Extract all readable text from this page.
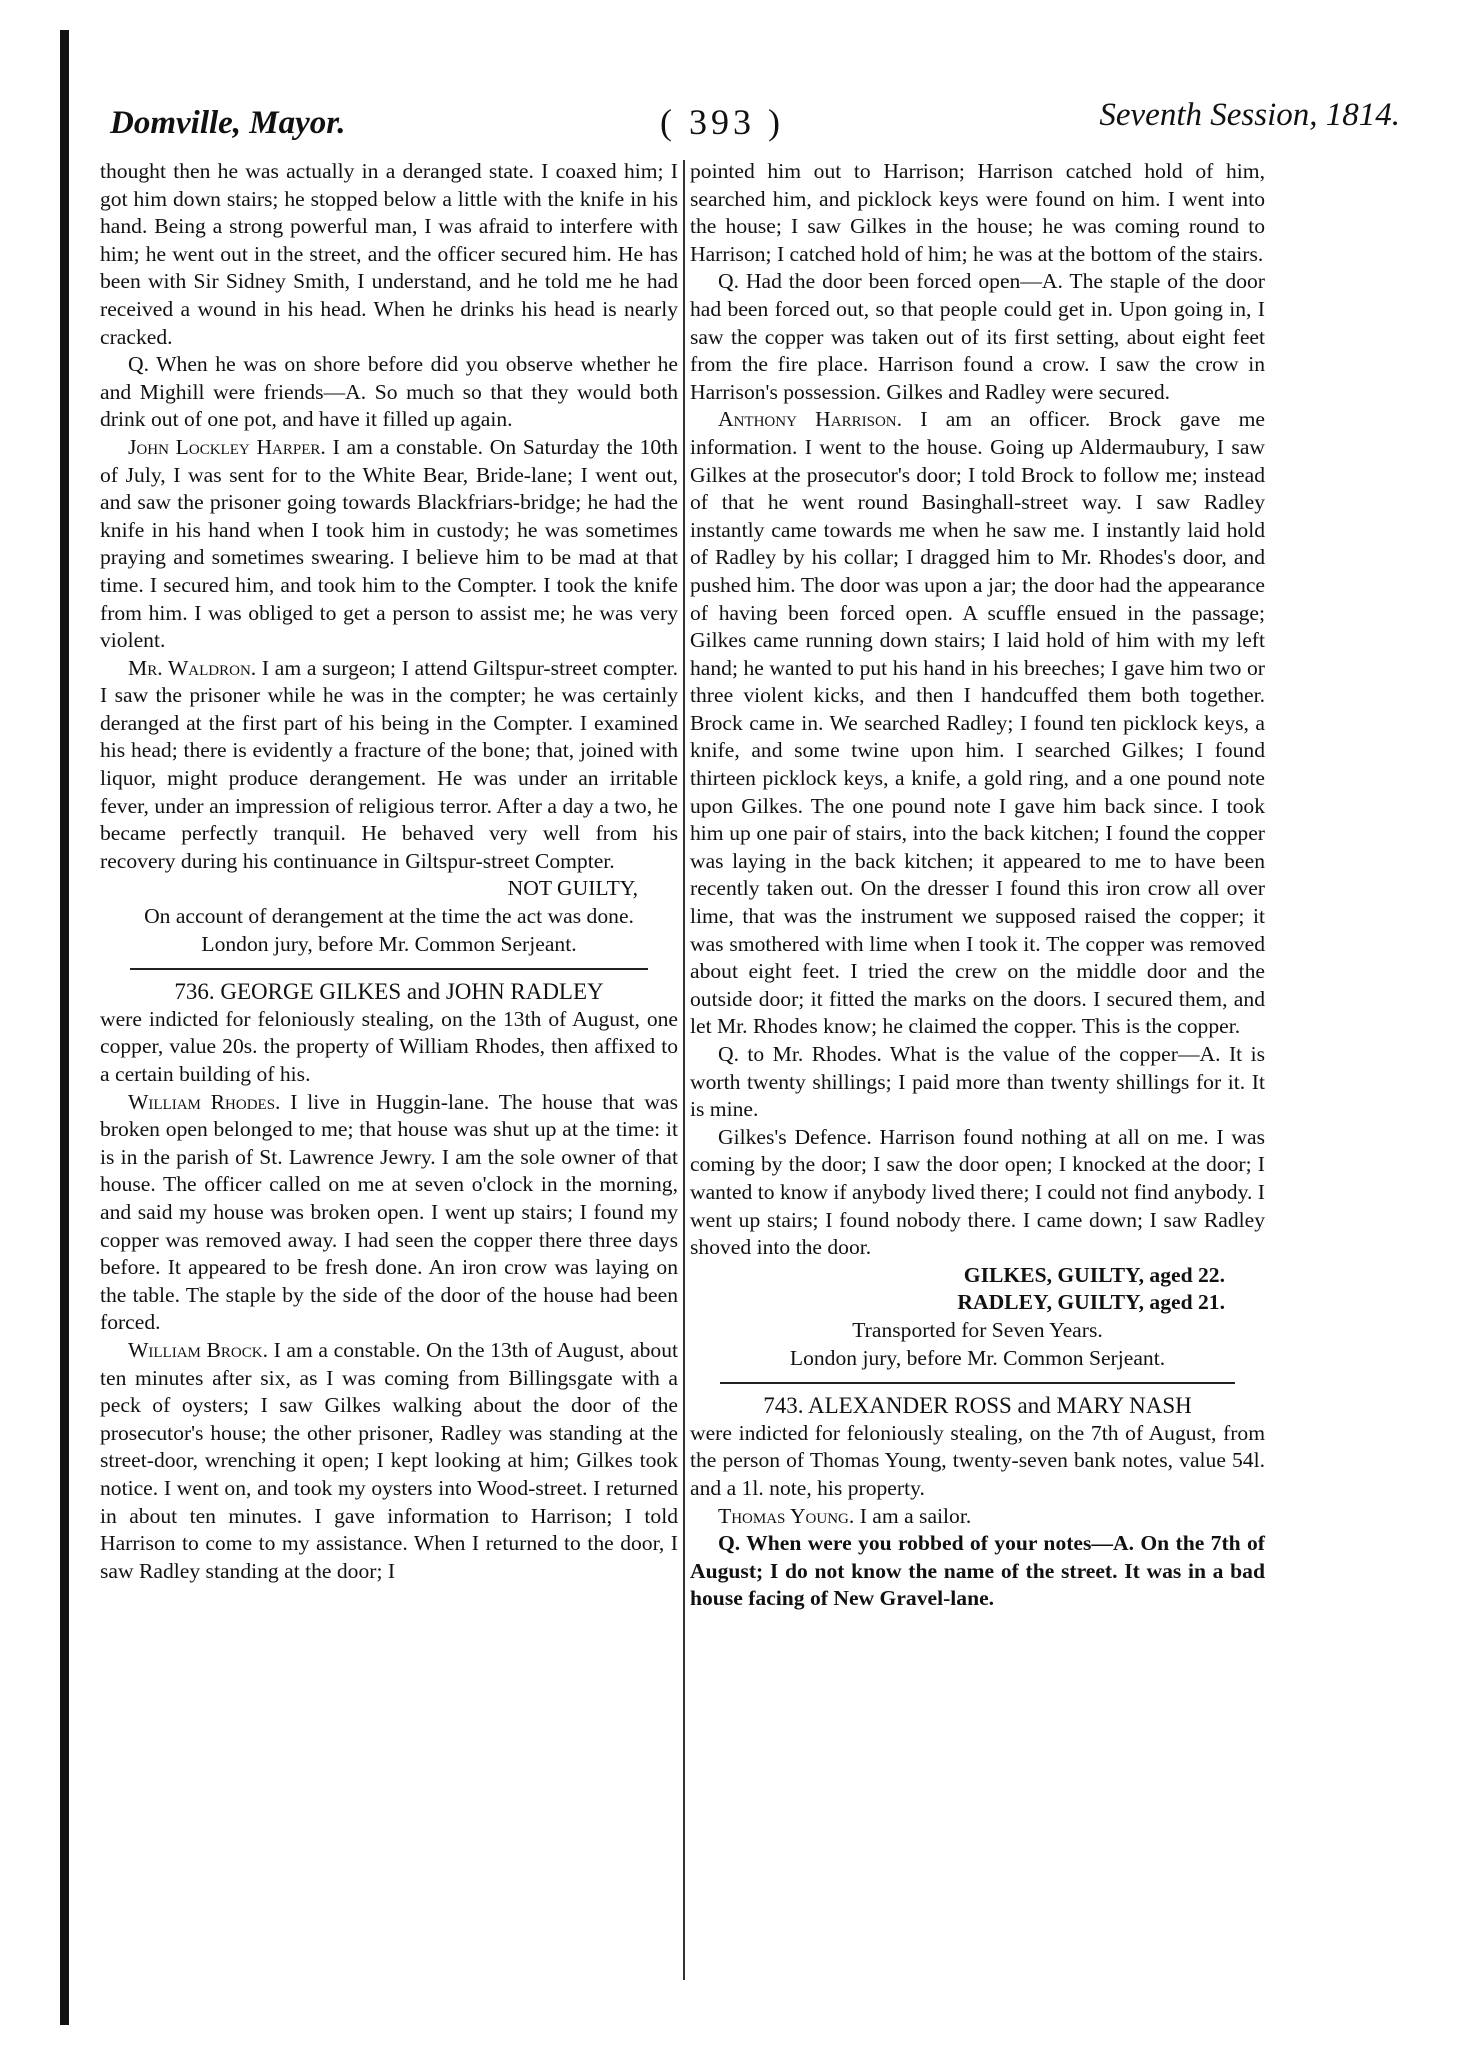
Domville, Mayor.	( 393 )	Seventh Session, 1814.

thought then he was actually in a deranged state. I coaxed him; I got him down stairs; he stopped below a little with the knife in his hand. Being a strong powerful man, I was afraid to interfere with him; he went out in the street, and the officer secured him. He has been with Sir Sidney Smith, I understand, and he told me he had received a wound in his head. When he drinks his head is nearly cracked.

Q. When he was on shore before did you observe whether he and Mighill were friends—A. So much so that they would both drink out of one pot, and have it filled up again.

John Lockley Harper. I am a constable. On Saturday the 10th of July, I was sent for to the White Bear, Bride-lane; I went out, and saw the prisoner going towards Blackfriars-bridge; he had the knife in his hand when I took him in custody; he was sometimes praying and sometimes swearing. I believe him to be mad at that time. I secured him, and took him to the Compter. I took the knife from him. I was obliged to get a person to assist me; he was very violent.

Mr. Waldron. I am a surgeon; I attend Giltspur-street compter. I saw the prisoner while he was in the compter; he was certainly deranged at the first part of his being in the Compter. I examined his head; there is evidently a fracture of the bone; that, joined with liquor, might produce derangement. He was under an irritable fever, under an impression of religious terror. After a day a two, he became perfectly tranquil. He behaved very well from his recovery during his continuance in Giltspur-street Compter.

NOT GUILTY,

On account of derangement at the time the act was done.

London jury, before Mr. Common Serjeant.

736. GEORGE GILKES and JOHN RADLEY

were indicted for feloniously stealing, on the 13th of August, one copper, value 20s. the property of William Rhodes, then affixed to a certain building of his.

William Rhodes. I live in Huggin-lane. The house that was broken open belonged to me; that house was shut up at the time: it is in the parish of St. Lawrence Jewry. I am the sole owner of that house. The officer called on me at seven o'clock in the morning, and said my house was broken open. I went up stairs; I found my copper was removed away. I had seen the copper there three days before. It appeared to be fresh done. An iron crow was laying on the table. The staple by the side of the door of the house had been forced.

William Brock. I am a constable. On the 13th of August, about ten minutes after six, as I was coming from Billingsgate with a peck of oysters; I saw Gilkes walking about the door of the prosecutor's house; the other prisoner, Radley was standing at the street-door, wrenching it open; I kept looking at him; Gilkes took notice. I went on, and took my oysters into Wood-street. I returned in about ten minutes. I gave information to Harrison; I told Harrison to come to my assistance. When I returned to the door, I saw Radley standing at the door; I

pointed him out to Harrison; Harrison catched hold of him, searched him, and picklock keys were found on him. I went into the house; I saw Gilkes in the house; he was coming round to Harrison; I catched hold of him; he was at the bottom of the stairs.

Q. Had the door been forced open—A. The staple of the door had been forced out, so that people could get in. Upon going in, I saw the copper was taken out of its first setting, about eight feet from the fire place. Harrison found a crow. I saw the crow in Harrison's possession. Gilkes and Radley were secured.

Anthony Harrison. I am an officer. Brock gave me information. I went to the house. Going up Aldermaubury, I saw Gilkes at the prosecutor's door; I told Brock to follow me; instead of that he went round Basinghall-street way. I saw Radley instantly came towards me when he saw me. I instantly laid hold of Radley by his collar; I dragged him to Mr. Rhodes's door, and pushed him. The door was upon a jar; the door had the appearance of having been forced open. A scuffle ensued in the passage; Gilkes came running down stairs; I laid hold of him with my left hand; he wanted to put his hand in his breeches; I gave him two or three violent kicks, and then I handcuffed them both together. Brock came in. We searched Radley; I found ten picklock keys, a knife, and some twine upon him. I searched Gilkes; I found thirteen picklock keys, a knife, a gold ring, and a one pound note upon Gilkes. The one pound note I gave him back since. I took him up one pair of stairs, into the back kitchen; I found the copper was laying in the back kitchen; it appeared to me to have been recently taken out. On the dresser I found this iron crow all over lime, that was the instrument we supposed raised the copper; it was smothered with lime when I took it. The copper was removed about eight feet. I tried the crew on the middle door and the outside door; it fitted the marks on the doors. I secured them, and let Mr. Rhodes know; he claimed the copper. This is the copper.

Q. to Mr. Rhodes. What is the value of the copper—A. It is worth twenty shillings; I paid more than twenty shillings for it. It is mine.

Gilkes's Defence. Harrison found nothing at all on me. I was coming by the door; I saw the door open; I knocked at the door; I wanted to know if anybody lived there; I could not find anybody. I went up stairs; I found nobody there. I came down; I saw Radley shoved into the door.

GILKES, GUILTY, aged 22.

RADLEY, GUILTY, aged 21.

Transported for Seven Years.

London jury, before Mr. Common Serjeant.

743. ALEXANDER ROSS and MARY NASH

were indicted for feloniously stealing, on the 7th of August, from the person of Thomas Young, twenty-seven bank notes, value 54l. and a 1l. note, his property.

Thomas Young. I am a sailor.

Q. When were you robbed of your notes—A. On the 7th of August; I do not know the name of the street. It was in a bad house facing of New Gravel-lane.
